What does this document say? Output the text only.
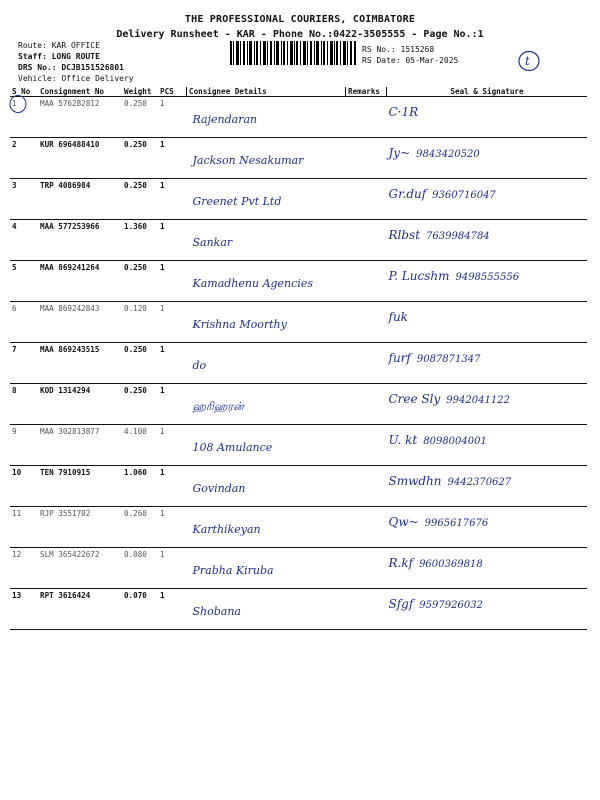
THE PROFESSIONAL COURIERS, COIMBATORE
Delivery Runsheet - KAR - Phone No.:0422-3505555 - Page No.:1
Route: KAR OFFICE
Staff: LONG ROUTE
DRS No.: DCJB151526801
Vehicle: Office Delivery
RS No.: 1515268
RS Date: 05-Mar-2025	t
S No	Consignment No	Weight	PCS	Consignee Details	Remarks	Seal & Signature
1	MAA 576282812	0.250	1	Rajendaran		C·1R

2	KUR 696488410	0.250	1	Jackson Nesakumar		Jy~ 9843420520

3	TRP 4086984	0.250	1	Greenet Pvt Ltd		Gr.duf 9360716047

4	MAA 577253966	1.360	1	Sankar		Rlbst 7639984784

5	MAA 869241264	0.250	1	Kamadhenu Agencies		P. Lucshm 9498555556

6	MAA 869242843	0.120	1	Krishna Moorthy		fuk

7	MAA 869243515	0.250	1	do		furf 9087871347

8	KOD 1314294	0.250	1	ஹரிஹரன்		Cree Sly 9942041122

9	MAA 302813877	4.100	1	108 Amulance		U. kt 8098004001

10	TEN 7910915	1.060	1	Govindan		Smwdhn 9442370627

11	RJP 3551702	0.260	1	Karthikeyan		Qw~ 9965617676

12	SLM 365422672	0.080	1	Prabha Kiruba		R.kf 9600369818

13	RPT 3616424	0.070	1	Shobana		Sfgf 9597926032
